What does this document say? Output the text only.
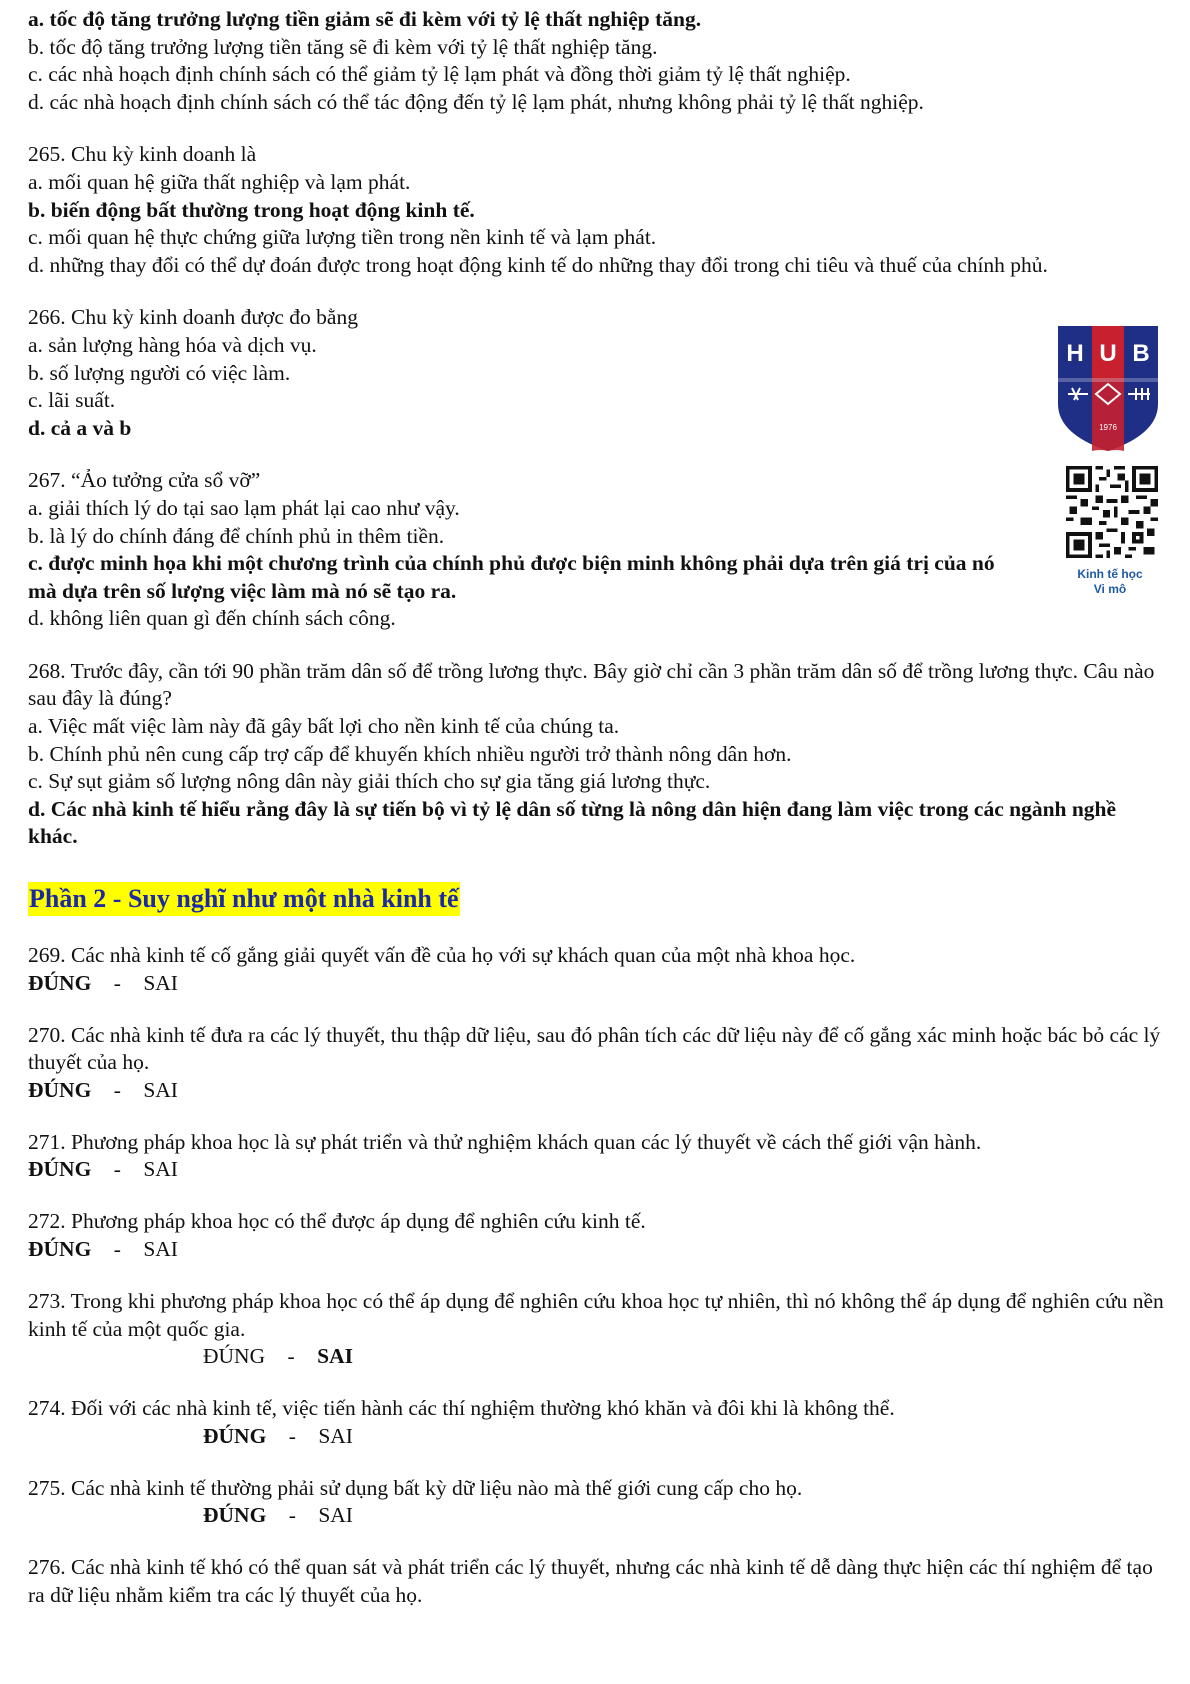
a. tốc độ tăng trưởng lượng tiền giảm sẽ đi kèm với tỷ lệ thất nghiệp tăng.
b. tốc độ tăng trưởng lượng tiền tăng sẽ đi kèm với tỷ lệ thất nghiệp tăng.
c. các nhà hoạch định chính sách có thể giảm tỷ lệ lạm phát và đồng thời giảm tỷ lệ thất nghiệp.
d. các nhà hoạch định chính sách có thể tác động đến tỷ lệ lạm phát, nhưng không phải tỷ lệ thất nghiệp.
265. Chu kỳ kinh doanh là
a. mối quan hệ giữa thất nghiệp và lạm phát.
b. biến động bất thường trong hoạt động kinh tế.
c. mối quan hệ thực chứng giữa lượng tiền trong nền kinh tế và lạm phát.
d. những thay đổi có thể dự đoán được trong hoạt động kinh tế do những thay đổi trong chi tiêu và thuế của chính phủ.
266. Chu kỳ kinh doanh được đo bằng
a. sản lượng hàng hóa và dịch vụ.
b. số lượng người có việc làm.
c. lãi suất.
d. cả a và b
267. “Ảo tưởng cửa sổ vỡ”
a. giải thích lý do tại sao lạm phát lại cao như vậy.
b. là lý do chính đáng để chính phủ in thêm tiền.
c. được minh họa khi một chương trình của chính phủ được biện minh không phải dựa trên giá trị của nó mà dựa trên số lượng việc làm mà nó sẽ tạo ra.
d. không liên quan gì đến chính sách công.
268. Trước đây, cần tới 90 phần trăm dân số để trồng lương thực. Bây giờ chỉ cần 3 phần trăm dân số để trồng lương thực. Câu nào sau đây là đúng?
a. Việc mất việc làm này đã gây bất lợi cho nền kinh tế của chúng ta.
b. Chính phủ nên cung cấp trợ cấp để khuyến khích nhiều người trở thành nông dân hơn.
c. Sự sụt giảm số lượng nông dân này giải thích cho sự gia tăng giá lương thực.
d. Các nhà kinh tế hiểu rằng đây là sự tiến bộ vì tỷ lệ dân số từng là nông dân hiện đang làm việc trong các ngành nghề khác.
Phần 2 - Suy nghĩ như một nhà kinh tế
269. Các nhà kinh tế cố gắng giải quyết vấn đề của họ với sự khách quan của một nhà khoa học.
ĐÚNG - SAI
270. Các nhà kinh tế đưa ra các lý thuyết, thu thập dữ liệu, sau đó phân tích các dữ liệu này để cố gắng xác minh hoặc bác bỏ các lý thuyết của họ.
ĐÚNG - SAI
271. Phương pháp khoa học là sự phát triển và thử nghiệm khách quan các lý thuyết về cách thế giới vận hành.
ĐÚNG - SAI
272. Phương pháp khoa học có thể được áp dụng để nghiên cứu kinh tế.
ĐÚNG - SAI
273. Trong khi phương pháp khoa học có thể áp dụng để nghiên cứu khoa học tự nhiên, thì nó không thể áp dụng để nghiên cứu nền kinh tế của một quốc gia.
ĐÚNG - SAI
274. Đối với các nhà kinh tế, việc tiến hành các thí nghiệm thường khó khăn và đôi khi là không thể.
ĐÚNG - SAI
275. Các nhà kinh tế thường phải sử dụng bất kỳ dữ liệu nào mà thế giới cung cấp cho họ.
ĐÚNG - SAI
276. Các nhà kinh tế khó có thể quan sát và phát triển các lý thuyết, nhưng các nhà kinh tế dễ dàng thực hiện các thí nghiệm để tạo ra dữ liệu nhằm kiểm tra các lý thuyết của họ.
H U B
1976
Kinh tế học
Vi mô
